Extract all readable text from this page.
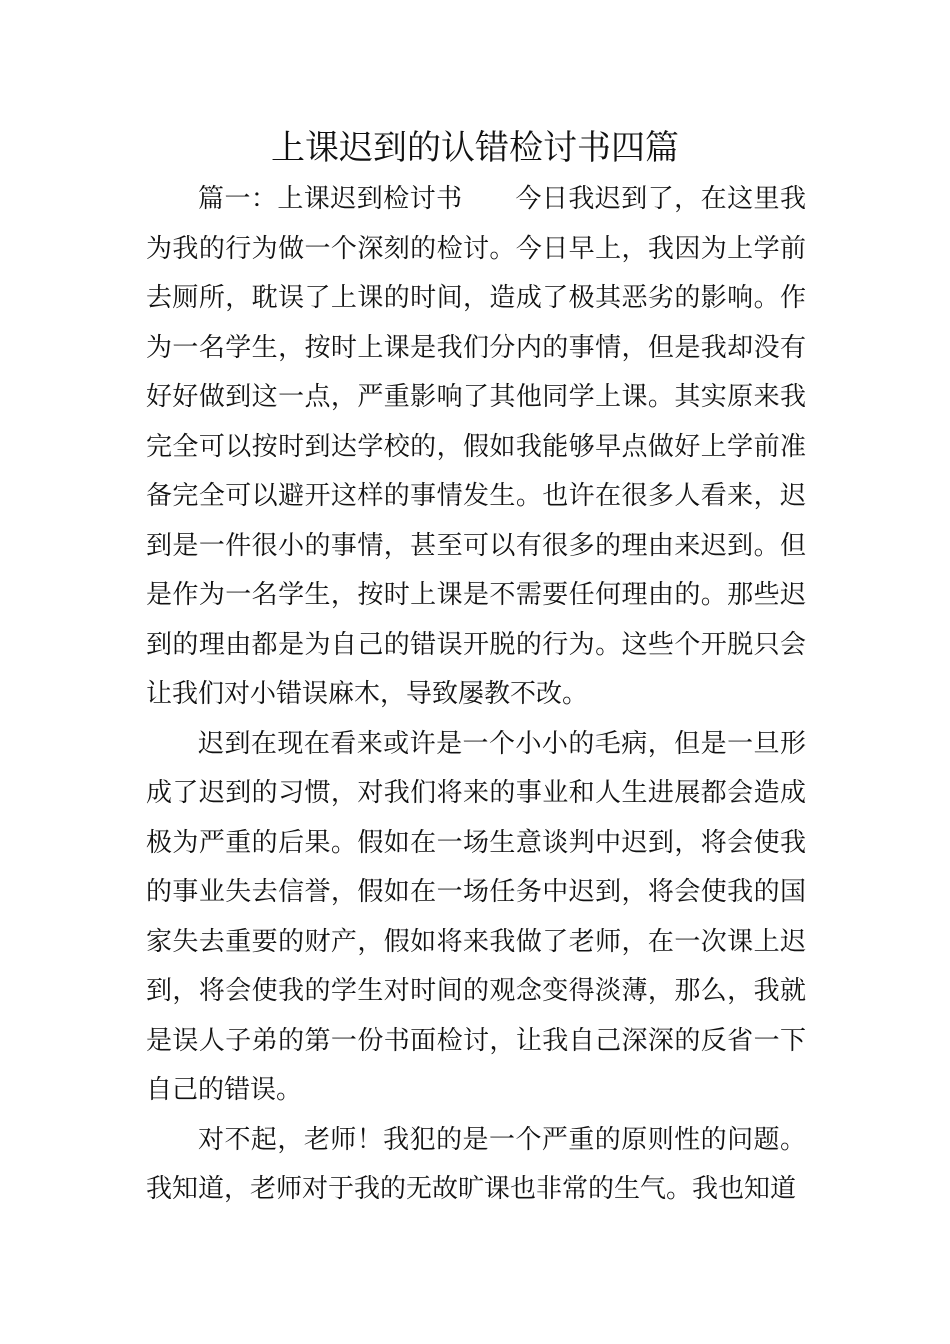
上课迟到的认错检讨书四篇

篇一：上课迟到检讨书　　今日我迟到了，在这里我为我的行为做一个深刻的检讨。今日早上，我因为上学前去厕所，耽误了上课的时间，造成了极其恶劣的影响。作为一名学生，按时上课是我们分内的事情，但是我却没有好好做到这一点，严重影响了其他同学上课。其实原来我完全可以按时到达学校的，假如我能够早点做好上学前准备完全可以避开这样的事情发生。也许在很多人看来，迟到是一件很小的事情，甚至可以有很多的理由来迟到。但是作为一名学生，按时上课是不需要任何理由的。那些迟到的理由都是为自己的错误开脱的行为。这些个开脱只会让我们对小错误麻木，导致屡教不改。

迟到在现在看来或许是一个小小的毛病，但是一旦形成了迟到的习惯，对我们将来的事业和人生进展都会造成极为严重的后果。假如在一场生意谈判中迟到，将会使我的事业失去信誉，假如在一场任务中迟到，将会使我的国家失去重要的财产，假如将来我做了老师，在一次课上迟到，将会使我的学生对时间的观念变得淡薄，那么，我就是误人子弟的第一份书面检讨，让我自己深深的反省一下自己的错误。

对不起，老师！我犯的是一个严重的原则性的问题。我知道，老师对于我的无故旷课也非常的生气。我也知道
